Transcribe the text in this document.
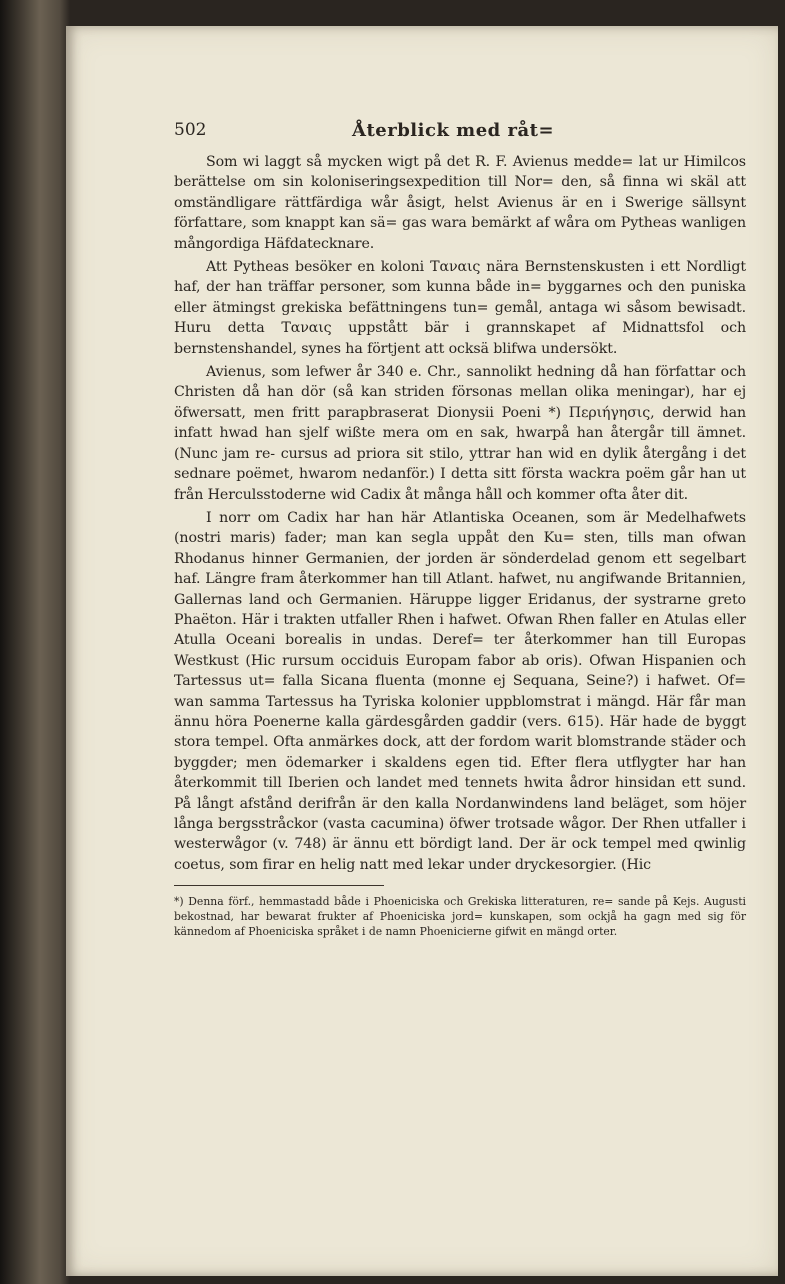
502	Återblick med råt=

Som wi laggt så mycken wigt på det R. F. Avienus medde= lat ur Himilcos berättelse om sin koloniseringsexpedition till Nor= den, så finna wi skäl att omständligare rättfärdiga wår åsigt, helst Avienus är en i Swerige sällsynt författare, som knappt kan sä= gas wara bemärkt af wåra om Pytheas wanligen mångordiga Häfdatecknare.

Att Pytheas besöker en koloni Ταναις nära Bernstenskusten i ett Nordligt haf, der han träffar personer, som kunna både in= byggarnes och den puniska eller ätmingst grekiska befättningens tun= gemål, antaga wi såsom bewisadt. Huru detta Ταναις uppstått bär i grannskapet af Midnattsfol och bernstenshandel, synes ha förtjent att ocksä blifwa undersökt.

Avienus, som lefwer år 340 e. Chr., sannolikt hedning då han författar och Christen då han dör (så kan striden försonas mellan olika meningar), har ej öfwersatt, men fritt parapbraserat Dionysii Poeni *) Περιήγησις, derwid han infatt hwad han sjelf wißte mera om en sak, hwarpå han återgår till ämnet. (Nunc jam re- cursus ad priora sit stilo, yttrar han wid en dylik återgång i det sednare poëmet, hwarom nedanför.) I detta sitt första wackra poëm går han ut från Herculsstoderne wid Cadix åt många håll och kommer ofta åter dit.

I norr om Cadix har han här Atlantiska Oceanen, som är Medelhafwets (nostri maris) fader; man kan segla uppåt den Ku= sten, tills man ofwan Rhodanus hinner Germanien, der jorden är sönderdelad genom ett segelbart haf. Längre fram återkommer han till Atlant. hafwet, nu angifwande Britannien, Gallernas land och Germanien. Häruppe ligger Eridanus, der systrarne greto Phaëton. Här i trakten utfaller Rhen i hafwet. Ofwan Rhen faller en Atulas eller Atulla Oceani borealis in undas. Deref= ter återkommer han till Europas Westkust (Hic rursum occiduis Europam fabor ab oris). Ofwan Hispanien och Tartessus ut= falla Sicana fluenta (monne ej Sequana, Seine?) i hafwet. Of= wan samma Tartessus ha Tyriska kolonier uppblomstrat i mängd. Här får man ännu höra Poenerne kalla gärdesgården gaddir (vers. 615). Här hade de byggt stora tempel. Ofta anmärkes dock, att der fordom warit blomstrande städer och byggder; men ödemarker i skaldens egen tid. Efter flera utflygter har han återkommit till Iberien och landet med tennets hwita ådror hinsidan ett sund. På långt afstånd derifrån är den kalla Nordanwindens land beläget, som höjer långa bergsstråckor (vasta cacumina) öfwer trotsade wågor. Der Rhen utfaller i westerwågor (v. 748) är ännu ett bördigt land. Der är ock tempel med qwinlig coetus, som firar en helig natt med lekar under dryckesorgier. (Hic

*) Denna förf., hemmastadd både i Phoeniciska och Grekiska litteraturen, re= sande på Kejs. Augusti bekostnad, har bewarat frukter af Phoeniciska jord= kunskapen, som ockjå ha gagn med sig för kännedom af Phoeniciska språket i de namn Phoenicierne gifwit en mängd orter.
